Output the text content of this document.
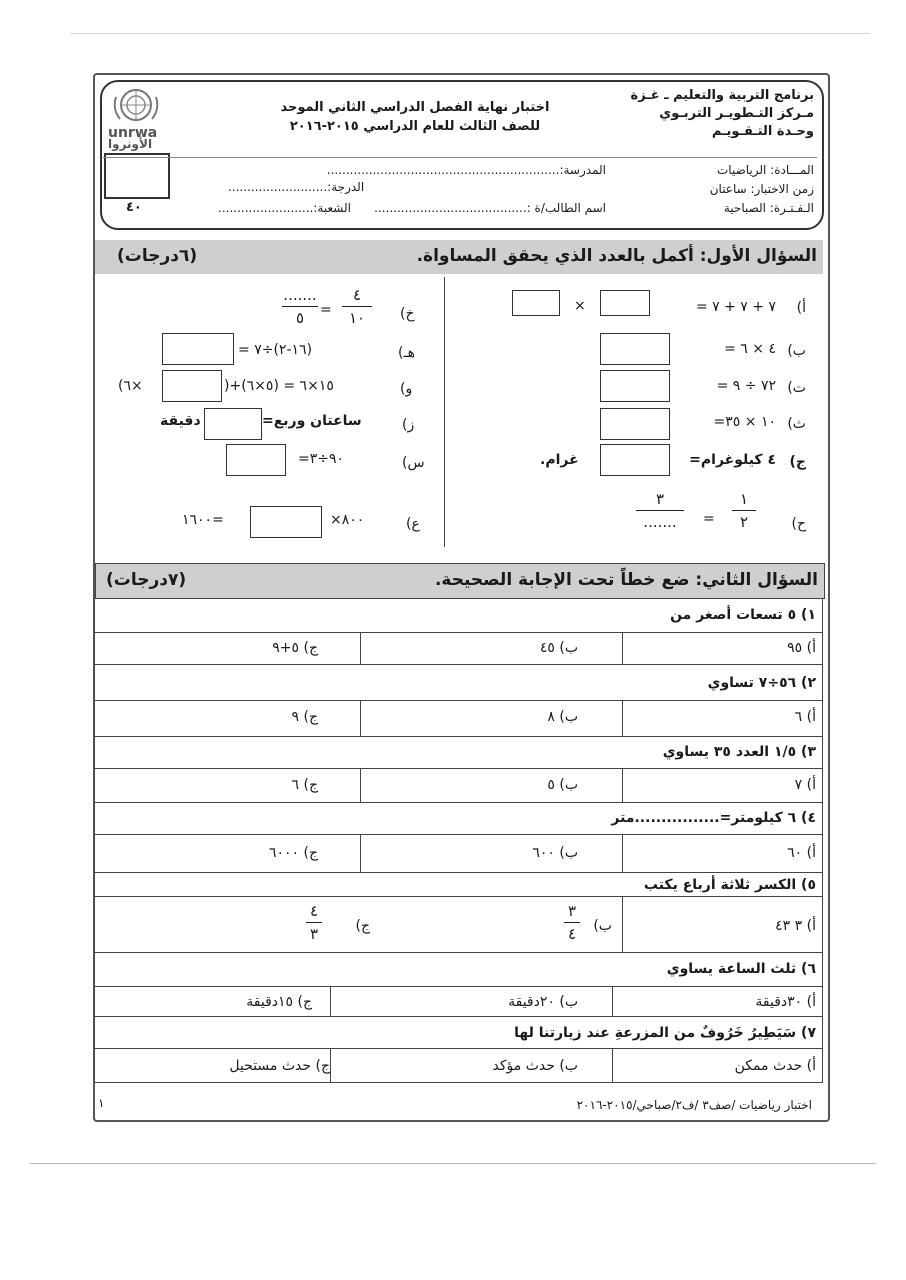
برنامج التربية والتعليم ـ غـزة
مـركز التـطويـر التربـوي
وحـدة التـقـويـم
اختبار نهاية الفصل الدراسي الثاني الموحد
للصف الثالث للعام الدراسي ٢٠١٥-٢٠١٦
unrwa
الأونروا
٤٠
المـــادة: الرياضيات
زمن الاختبار: ساعتان
الـفـتـرة: الصباحية
المدرسة:.............................................................
اسم الطالب/ة :........................................
الدرجة:..........................
الشعبة:.........................
السؤال الأول: أكمل بالعدد الذي يحقق المساواة.
(٦درجات)
أ)
٧ + ٧ + ٧ =
×
ب)
٤ × ٦ =
ت)
٧٢ ÷ ٩ =
ث)
١٠ × ٣٥=
ج)
٤ كيلوغرام=
غرام.
ح)
١
٢
=
٣
.......
خ)
٤
١٠
=
.......
٥
هـ)
(١٦-٢)÷٧ =
و)
١٥×٦ = (٥×٦)+(
×٦)
ز)
ساعتان وربع=
دقيقة
س)
٩٠÷٣=
ع)
٨٠٠×
=١٦٠٠
السؤال الثاني: ضع خطاً تحت الإجابة الصحيحة.
(٧درجات)
١) ٥ تسعات أصغر من
أ) ٩٥
ب) ٤٥
ج) ٥+٩
٢) ٥٦÷٧ تساوي
أ) ٦
ب) ٨
ج) ٩
٣) ١/٥ العدد ٣٥ يساوي
أ) ٧
ب) ٥
ج) ٦
٤) ٦ كيلومتر=................متر
أ) ٦٠
ب) ٦٠٠
ج) ٦٠٠٠
٥) الكسر ثلاثة أرباع يكتب
أ) ٣ ٤٣
ب)
٣
٤
ج)
٤
٣
٦) ثلث الساعة يساوي
أ) ٣٠دقيقة
ب) ٢٠دقيقة
ج) ١٥دقيقة
٧) سَيَطِيرُ خَرُوفٌ من المزرعةِ عند زيارتنا لها
أ) حدث ممكن
ب) حدث مؤكد
ج) حدث مستحيل
اختبار رياضيات /صف٣ /ف٢/صباحي/٢٠١٥-٢٠١٦
١
